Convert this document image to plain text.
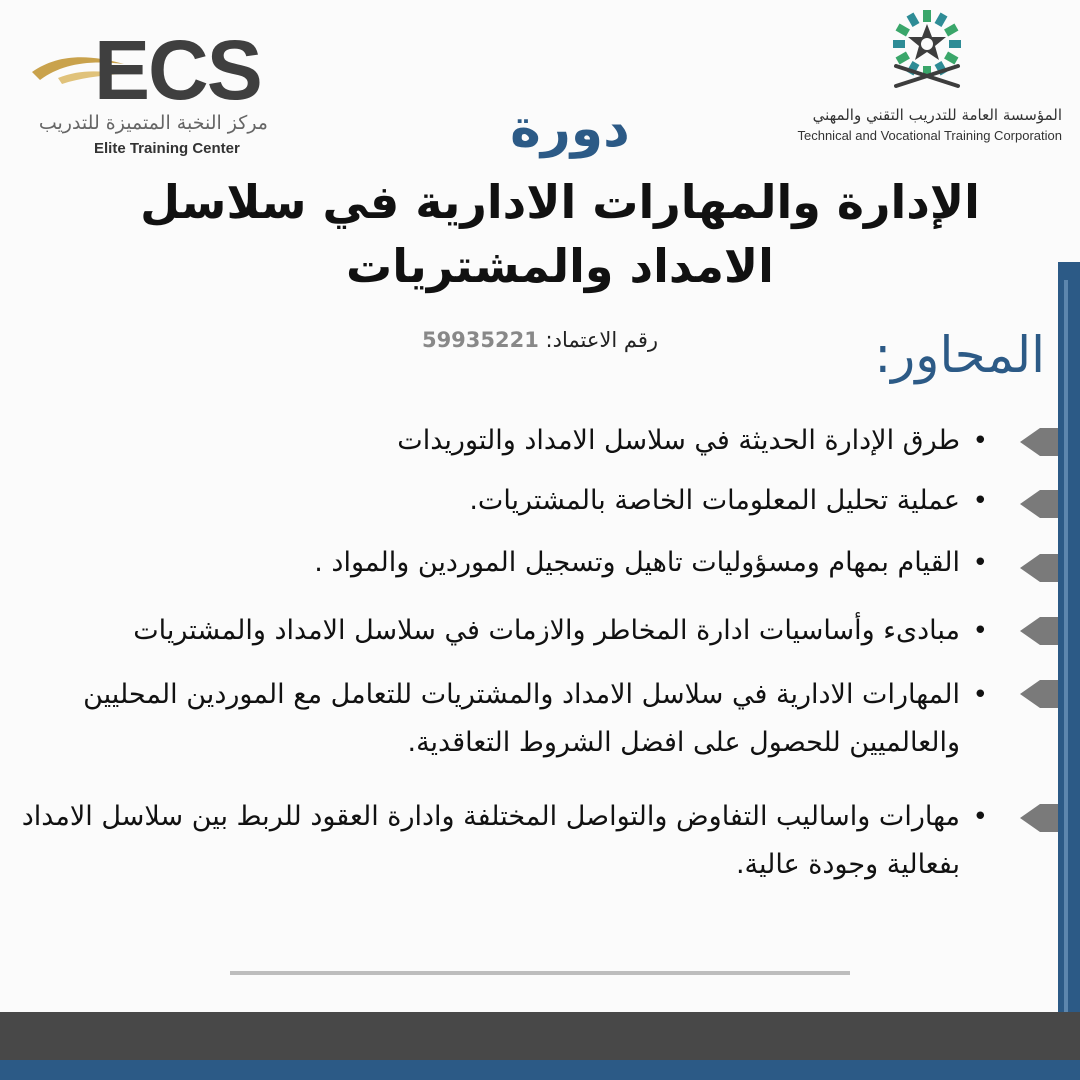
ECS
مركز النخبة المتميزة للتدريب
Elite Training Center
المؤسسة العامة للتدريب التقني والمهني
Technical and Vocational Training Corporation
دورة
الإدارة والمهارات الادارية في سلاسل الامداد والمشتريات
رقم الاعتماد: 59935221	المحاور:
•
طرق الإدارة الحديثة في سلاسل الامداد والتوريدات
•
عملية تحليل المعلومات الخاصة بالمشتريات.
•
القيام بمهام ومسؤوليات تاهيل وتسجيل الموردين والمواد .
•
مبادىء وأساسيات ادارة المخاطر والازمات في سلاسل الامداد والمشتريات
•
المهارات الادارية في سلاسل الامداد والمشتريات للتعامل مع الموردين المحليين والعالميين للحصول على افضل الشروط التعاقدية.
•
مهارات واساليب التفاوض والتواصل المختلفة وادارة العقود للربط بين سلاسل الامداد بفعالية وجودة عالية.
